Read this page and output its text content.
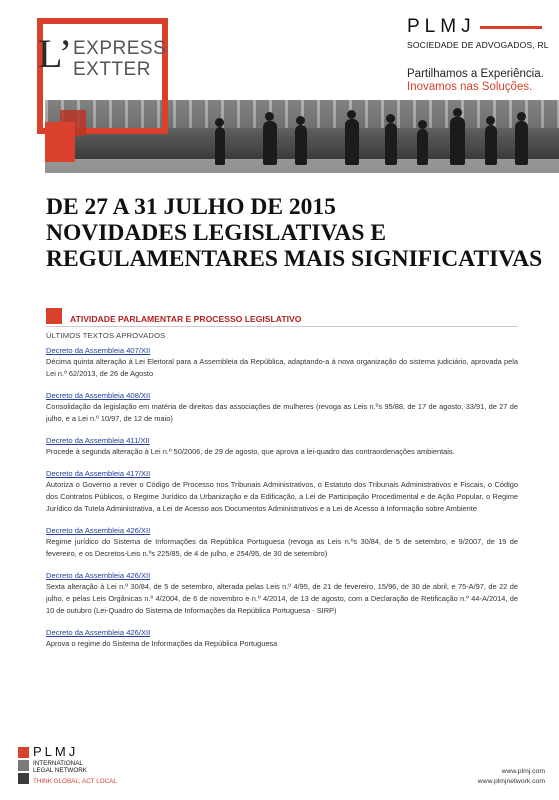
L’ EXPRESS
EXTTER
PLMJ
SOCIEDADE DE ADVOGADOS, RL
Partilhamos a Experiência.
Inovamos nas Soluções.
DE 27 A 31 JULHO DE 2015
NOVIDADES LEGISLATIVAS E
REGULAMENTARES MAIS SIGNIFICATIVAS
ATIVIDADE PARLAMENTAR E PROCESSO LEGISLATIVO
ÚLTIMOS TEXTOS APROVADOS
Decreto da Assembleia 407/XII

Décima quinta alteração à Lei Eleitoral para a Assembleia da República, adaptando-a à nova organização do sistema judiciário, aprovada pela Lei n.º 62/2013, de 26 de Agosto

Decreto da Assembleia 408/XII

Consolidação da legislação em matéria de direitos das associações de mulheres (revoga as Leis n.ºs 95/88, de 17 de agosto, 33/91, de 27 de julho, e a Lei n.º 10/97, de 12 de maio)

Decreto da Assembleia 411/XII

Procede à segunda alteração à Lei n.º 50/2006, de 29 de agosto, que aprova a lei-quadro das contraordenações ambientais.

Decreto da Assembleia 417/XII

Autoriza o Governo a rever o Código de Processo nos Tribunais Administrativos, o Estatuto dos Tribunais Administrativos e Fiscais, o Código dos Contratos Públicos, o Regime Jurídico da Urbanização e da Edificação, a Lei de Participação Procedimental e de Ação Popular, o Regime Jurídico da Tutela Administrativa, a Lei de Acesso aos Documentos Administrativos e a Lei de Acesso à Informação sobre Ambiente

Decreto da Assembleia 426/XII

Regime jurídico do Sistema de Informações da República Portuguesa (revoga as Leis n.ºs 30/84, de 5 de setembro, e 9/2007, de 19 de fevereiro, e os Decretos-Leis n.ºs 225/85, de 4 de julho, e 254/95, de 30 de setembro)

Decreto da Assembleia 426/XII

Sexta alteração à Lei n.º 30/84, de 5 de setembro, alterada pelas Leis n.º 4/95, de 21 de fevereiro, 15/96, de 30 de abril, e 75-A/97, de 22 de julho, e pelas Leis Orgânicas n.º 4/2004, de 6 de novembro e n.º 4/2014, de 13 de agosto, com a Declaração de Retificação n.º 44-A/2014, de 10 de outubro (Lei-Quadro do Sistema de Informações da República Portuguesa - SIRP)

Decreto da Assembleia 426/XII

Aprova o regime do Sistema de Informações da República Portuguesa

PLMJ
INTERNATIONAL
LEGAL NETWORK
THINK GLOBAL, ACT LOCAL
www.plmj.com
www.plmjnetwork.com
